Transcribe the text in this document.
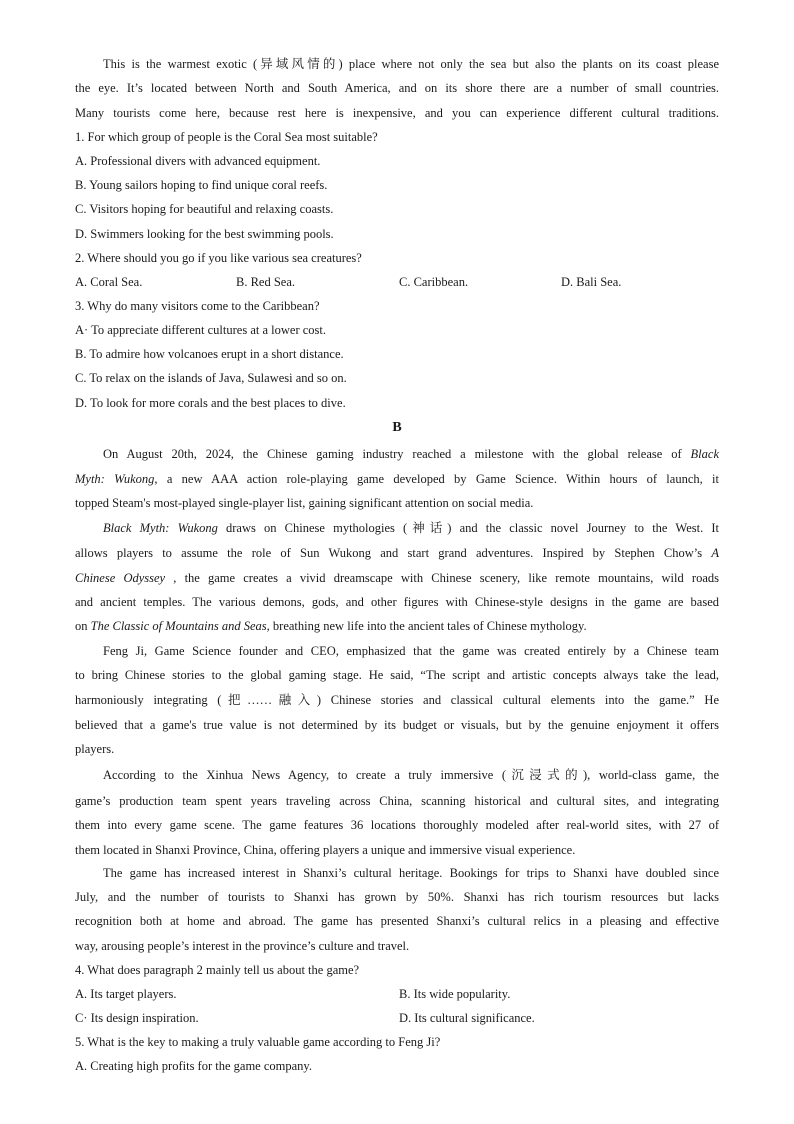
This is the warmest exotic (异域风情的) place where not only the sea but also the plants on its coast please
the eye. It’s located between North and South America, and on its shore there are a number of small countries.
Many tourists come here, because rest here is inexpensive, and you can experience different cultural traditions.
1. For which group of people is the Coral Sea most suitable?
A. Professional divers with advanced equipment.
B. Young sailors hoping to find unique coral reefs.
C. Visitors hoping for beautiful and relaxing coasts.
D. Swimmers looking for the best swimming pools.
2. Where should you go if you like various sea creatures?
A. Coral Sea.	B. Red Sea.	C. Caribbean.	D. Bali Sea.
3. Why do many visitors come to the Caribbean?
A· To appreciate different cultures at a lower cost.
B. To admire how volcanoes erupt in a short distance.
C. To relax on the islands of Java, Sulawesi and so on.
D. To look for more corals and the best places to dive.
B
On August 20th, 2024, the Chinese gaming industry reached a milestone with the global release of Black
Myth: Wukong, a new AAA action role-playing game developed by Game Science. Within hours of launch, it
topped Steam's most-played single-player list, gaining significant attention on social media.
Black Myth: Wukong draws on Chinese mythologies (神话) and the classic novel Journey to the West. It
allows players to assume the role of Sun Wukong and start grand adventures. Inspired by Stephen Chow’s A
Chinese Odyssey , the game creates a vivid dreamscape with Chinese scenery, like remote mountains, wild roads
and ancient temples. The various demons, gods, and other figures with Chinese-style designs in the game are based
on The Classic of Mountains and Seas, breathing new life into the ancient tales of Chinese mythology.
Feng Ji, Game Science founder and CEO, emphasized that the game was created entirely by a Chinese team
to bring Chinese stories to the global gaming stage. He said, “The script and artistic concepts always take the lead,
harmoniously integrating (把……融入) Chinese stories and classical cultural elements into the game.” He
believed that a game's true value is not determined by its budget or visuals, but by the genuine enjoyment it offers
players.
According to the Xinhua News Agency, to create a truly immersive (沉浸式的), world-class game, the
game’s production team spent years traveling across China, scanning historical and cultural sites, and integrating
them into every game scene. The game features 36 locations thoroughly modeled after real-world sites, with 27 of
them located in Shanxi Province, China, offering players a unique and immersive visual experience.
The game has increased interest in Shanxi’s cultural heritage. Bookings for trips to Shanxi have doubled since
July, and the number of tourists to Shanxi has grown by 50%. Shanxi has rich tourism resources but lacks
recognition both at home and abroad. The game has presented Shanxi’s cultural relics in a pleasing and effective
way, arousing people’s interest in the province’s culture and travel.
4. What does paragraph 2 mainly tell us about the game?
A. Its target players.	B. Its wide popularity.
C· Its design inspiration.	D. Its cultural significance.
5. What is the key to making a truly valuable game according to Feng Ji?
A. Creating high profits for the game company.
